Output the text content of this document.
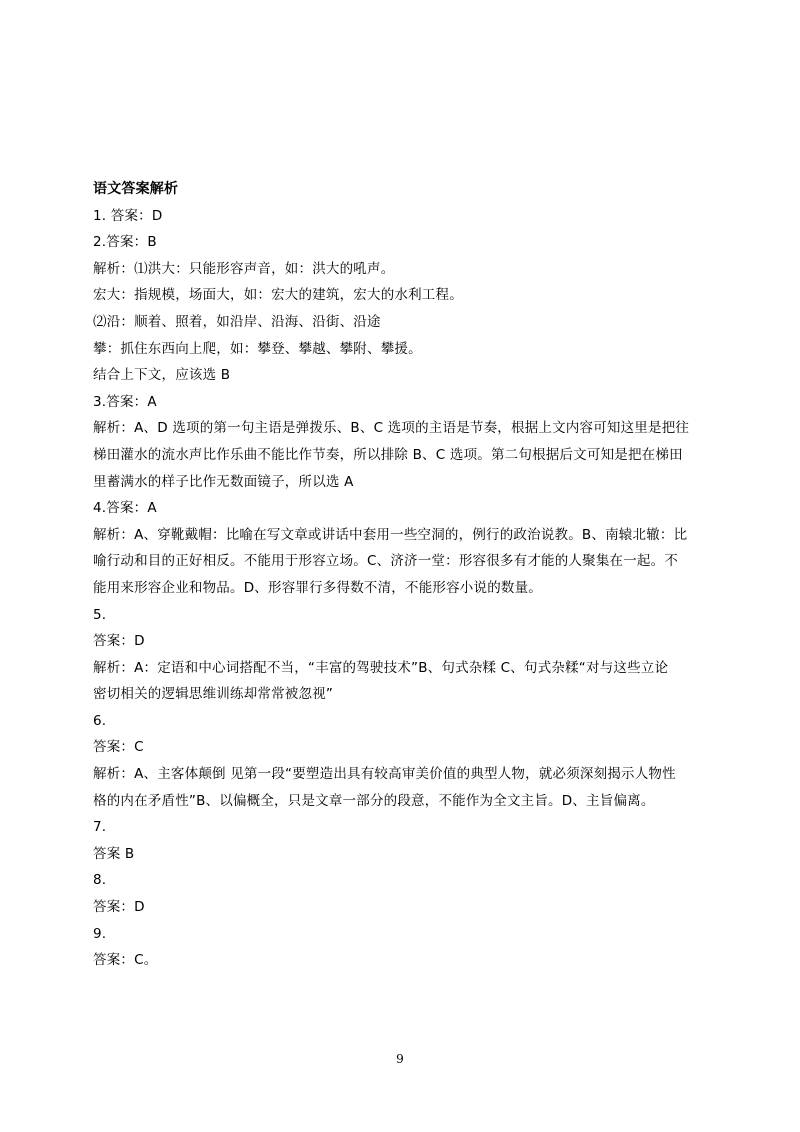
语文答案解析
1. 答案：D
2.答案：B
解析：⑴洪大：只能形容声音，如：洪大的吼声。
宏大：指规模，场面大，如：宏大的建筑，宏大的水利工程。
⑵沿：顺着、照着，如沿岸、沿海、沿街、沿途
攀：抓住东西向上爬，如：攀登、攀越、攀附、攀援。
结合上下文，应该选 B
3.答案：A
解析：A、D 选项的第一句主语是弹拨乐、B、C 选项的主语是节奏，根据上文内容可知这里是把往
梯田灌水的流水声比作乐曲不能比作节奏，所以排除 B、C 选项。第二句根据后文可知是把在梯田
里蓄满水的样子比作无数面镜子，所以选 A
4.答案：A
解析：A、穿靴戴帽：比喻在写文章或讲话中套用一些空洞的，例行的政治说教。B、南辕北辙：比
喻行动和目的正好相反。不能用于形容立场。C、济济一堂：形容很多有才能的人聚集在一起。不
能用来形容企业和物品。D、形容罪行多得数不清，不能形容小说的数量。
5.
答案：D
解析：A：定语和中心词搭配不当，“丰富的驾驶技术”B、句式杂糅 C、句式杂糅“对与这些立论
密切相关的逻辑思维训练却常常被忽视”
6.
答案：C
解析：A、主客体颠倒 见第一段“要塑造出具有较高审美价值的典型人物，就必须深刻揭示人物性
格的内在矛盾性”B、以偏概全，只是文章一部分的段意，不能作为全文主旨。D、主旨偏离。
7.
答案 B
8.
答案：D
9.
答案：C。
9
